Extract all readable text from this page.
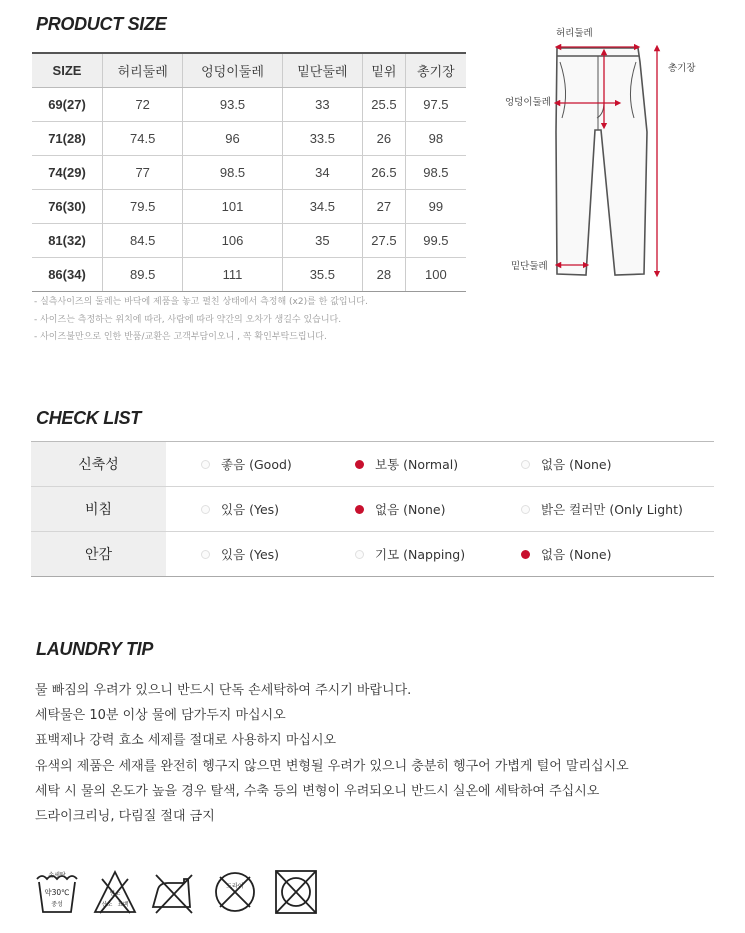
PRODUCT SIZE
SIZE	허리둘레	엉덩이둘레	밑단둘레	밑위	총기장
69(27)	72	93.5	33	25.5	97.5
71(28)	74.5	96	33.5	26	98
74(29)	77	98.5	34	26.5	98.5
76(30)	79.5	101	34.5	27	99
81(32)	84.5	106	35	27.5	99.5
86(34)	89.5	111	35.5	28	100
- 실측사이즈의 둘레는 바닥에 제품을 놓고 펼친 상태에서 측정해 (x2)를 한 값입니다.
- 사이즈는 측정하는 위치에 따라, 사람에 따라 약간의 오차가 생길수 있습니다.
- 사이즈불만으로 인한 반품/교환은 고객부담이오니 , 꼭 확인부탁드립니다.
허리둘레
총기장
엉덩이둘레
밑단둘레
CHECK LIST
신축성	좋음 (Good)	보통 (Normal)	없음 (None)
비침	있음 (Yes)	없음 (None)	밝은 컬러만 (Only Light)
안감	있음 (Yes)	기모 (Napping)	없음 (None)
LAUNDRY TIP
물 빠짐의 우려가 있으니 반드시 단독 손세탁하여 주시기 바랍니다.
세탁물은 10분 이상 물에 담가두지 마십시오
표백제나 강력 효소 세제를 절대로 사용하지 마십시오
유색의 제품은 세재를 완전히 헹구지 않으면 변형될 우려가 있으니 충분히 헹구어 가볍게 털어 말리십시오
세탁 시 물의 온도가 높을 경우 탈색, 수축 등의 변형이 우려되오니 반드시 실온에 세탁하여 주십시오
드라이크리닝, 다림질 절대 금지
손세탁
약30℃
중성
염소
산소 표백
드라이
